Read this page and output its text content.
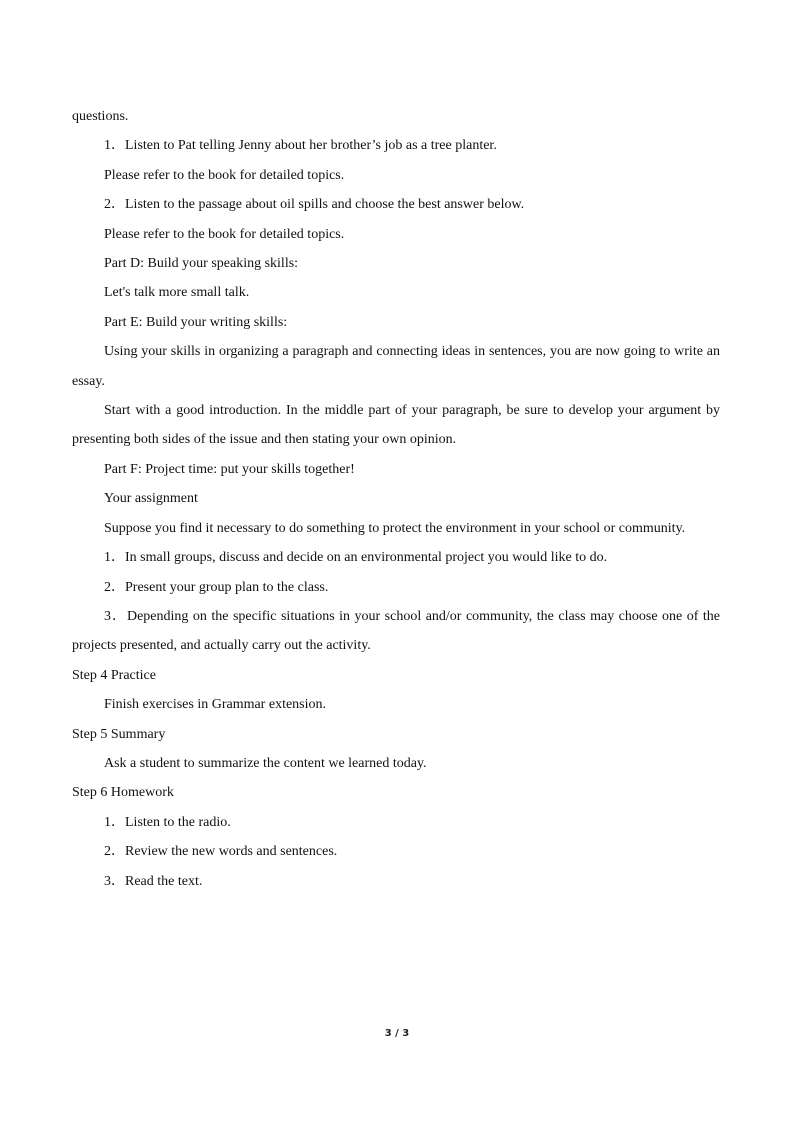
questions.

1．Listen to Pat telling Jenny about her brother’s job as a tree planter.

Please refer to the book for detailed topics.

2．Listen to the passage about oil spills and choose the best answer below.

Please refer to the book for detailed topics.

Part D: Build your speaking skills:

Let's talk more small talk.

Part E: Build your writing skills:

Using your skills in organizing a paragraph and connecting ideas in sentences, you are now going to write an essay.

Start with a good introduction. In the middle part of your paragraph, be sure to develop your argument by presenting both sides of the issue and then stating your own opinion.

Part F: Project time: put your skills together!

Your assignment

Suppose you find it necessary to do something to protect the environment in your school or community.

1．In small groups, discuss and decide on an environmental project you would like to do.

2．Present your group plan to the class.

3．Depending on the specific situations in your school and/or community, the class may choose one of the projects presented, and actually carry out the activity.

Step 4 Practice

Finish exercises in Grammar extension.

Step 5 Summary

Ask a student to summarize the content we learned today.

Step 6 Homework

1．Listen to the radio.

2．Review the new words and sentences.

3．Read the text.

3 / 3
